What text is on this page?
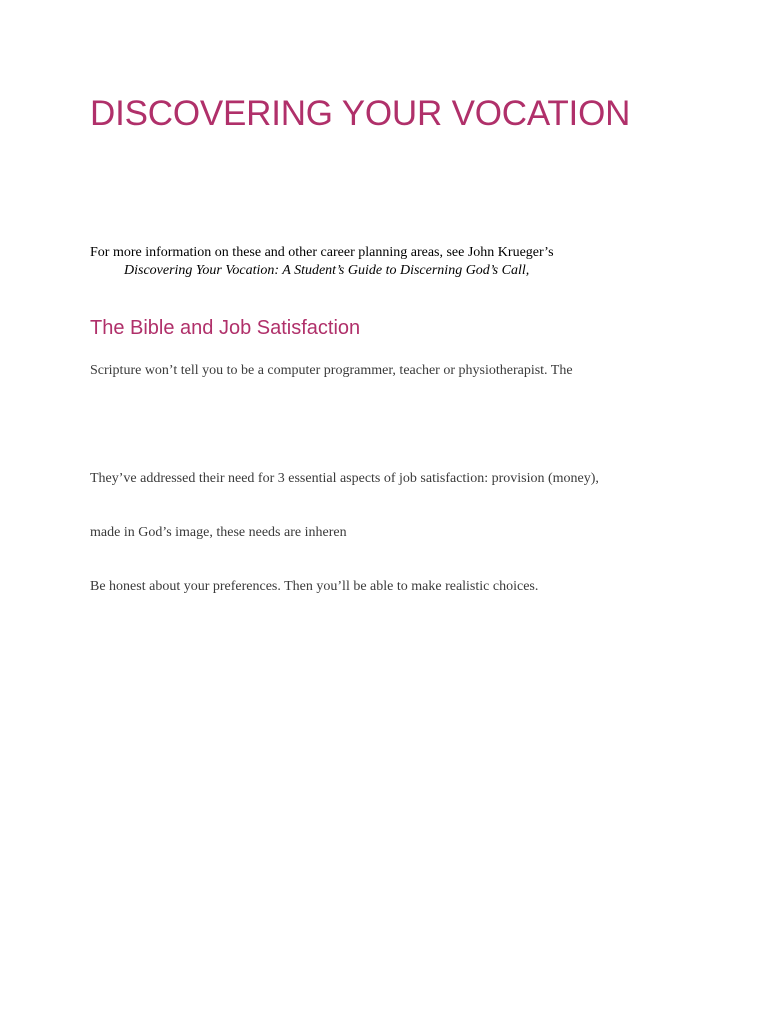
DISCOVERING YOUR VOCATION

For more information on these and other career planning areas, see John Krueger’s
Discovering Your Vocation: A Student’s Guide to Discerning God’s Call,

The Bible and Job Satisfaction

Scripture won’t tell you to be a computer programmer, teacher or physiotherapist. The

They’ve addressed their need for 3 essential aspects of job satisfaction: provision (money),

made in God’s image, these needs are inheren

Be honest about your preferences. Then you’ll be able to make realistic choices.
